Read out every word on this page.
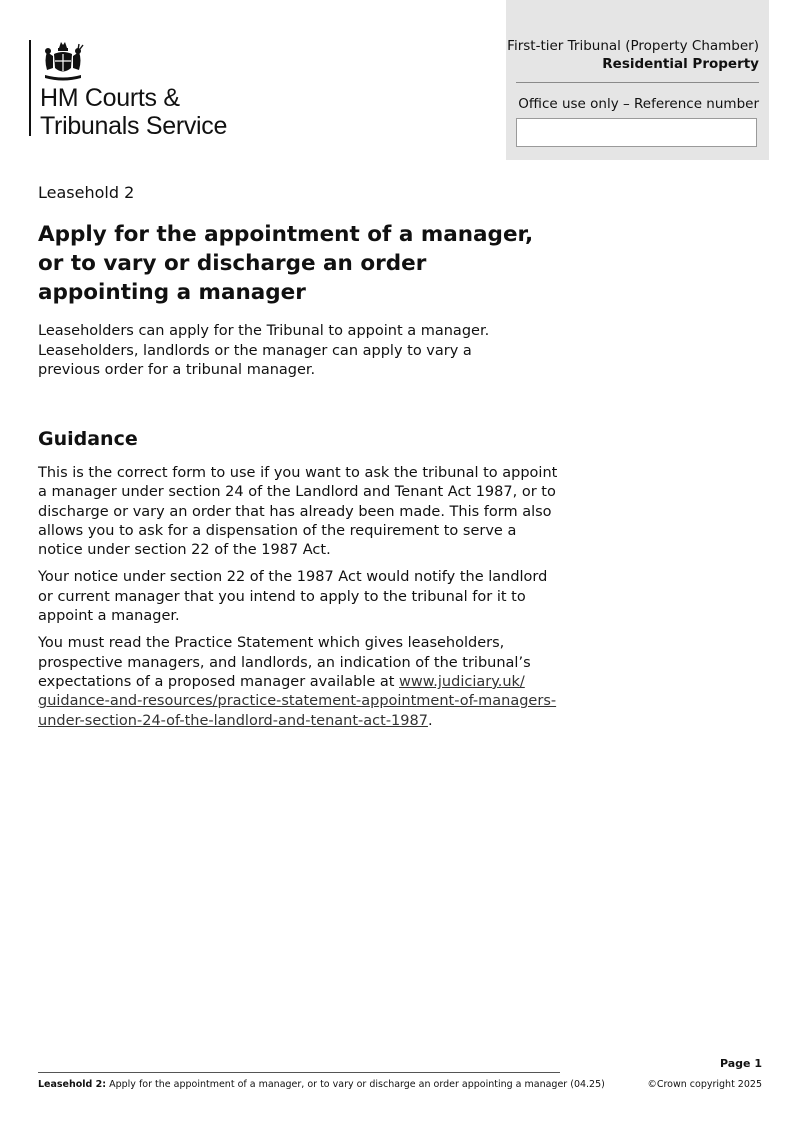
HM Courts &
Tribunals Service
First-tier Tribunal (Property Chamber)
Residential Property
Office use only – Reference number
Leasehold 2
Apply for the appointment of a manager, or to vary or discharge an order appointing a manager

Leaseholders can apply for the Tribunal to appoint a manager. Leaseholders, landlords or the manager can apply to vary a previous order for a tribunal manager.

Guidance

This is the correct form to use if you want to ask the tribunal to appoint a manager under section 24 of the Landlord and Tenant Act 1987, or to discharge or vary an order that has already been made. This form also allows you to ask for a dispensation of the requirement to serve a notice under section 22 of the 1987 Act.

Your notice under section 22 of the 1987 Act would notify the landlord or current manager that you intend to apply to the tribunal for it to appoint a manager.

You must read the Practice Statement which gives leaseholders, prospective managers, and landlords, an indication of the tribunal’s expectations of a proposed manager available at www.judiciary.uk/ guidance-and-resources/practice-statement-appointment-of-managers-under-section-24-of-the-landlord-and-tenant-act-1987.

Page 1
Leasehold 2: Apply for the appointment of a manager, or to vary or discharge an order appointing a manager (04.25)	©Crown copyright 2025
